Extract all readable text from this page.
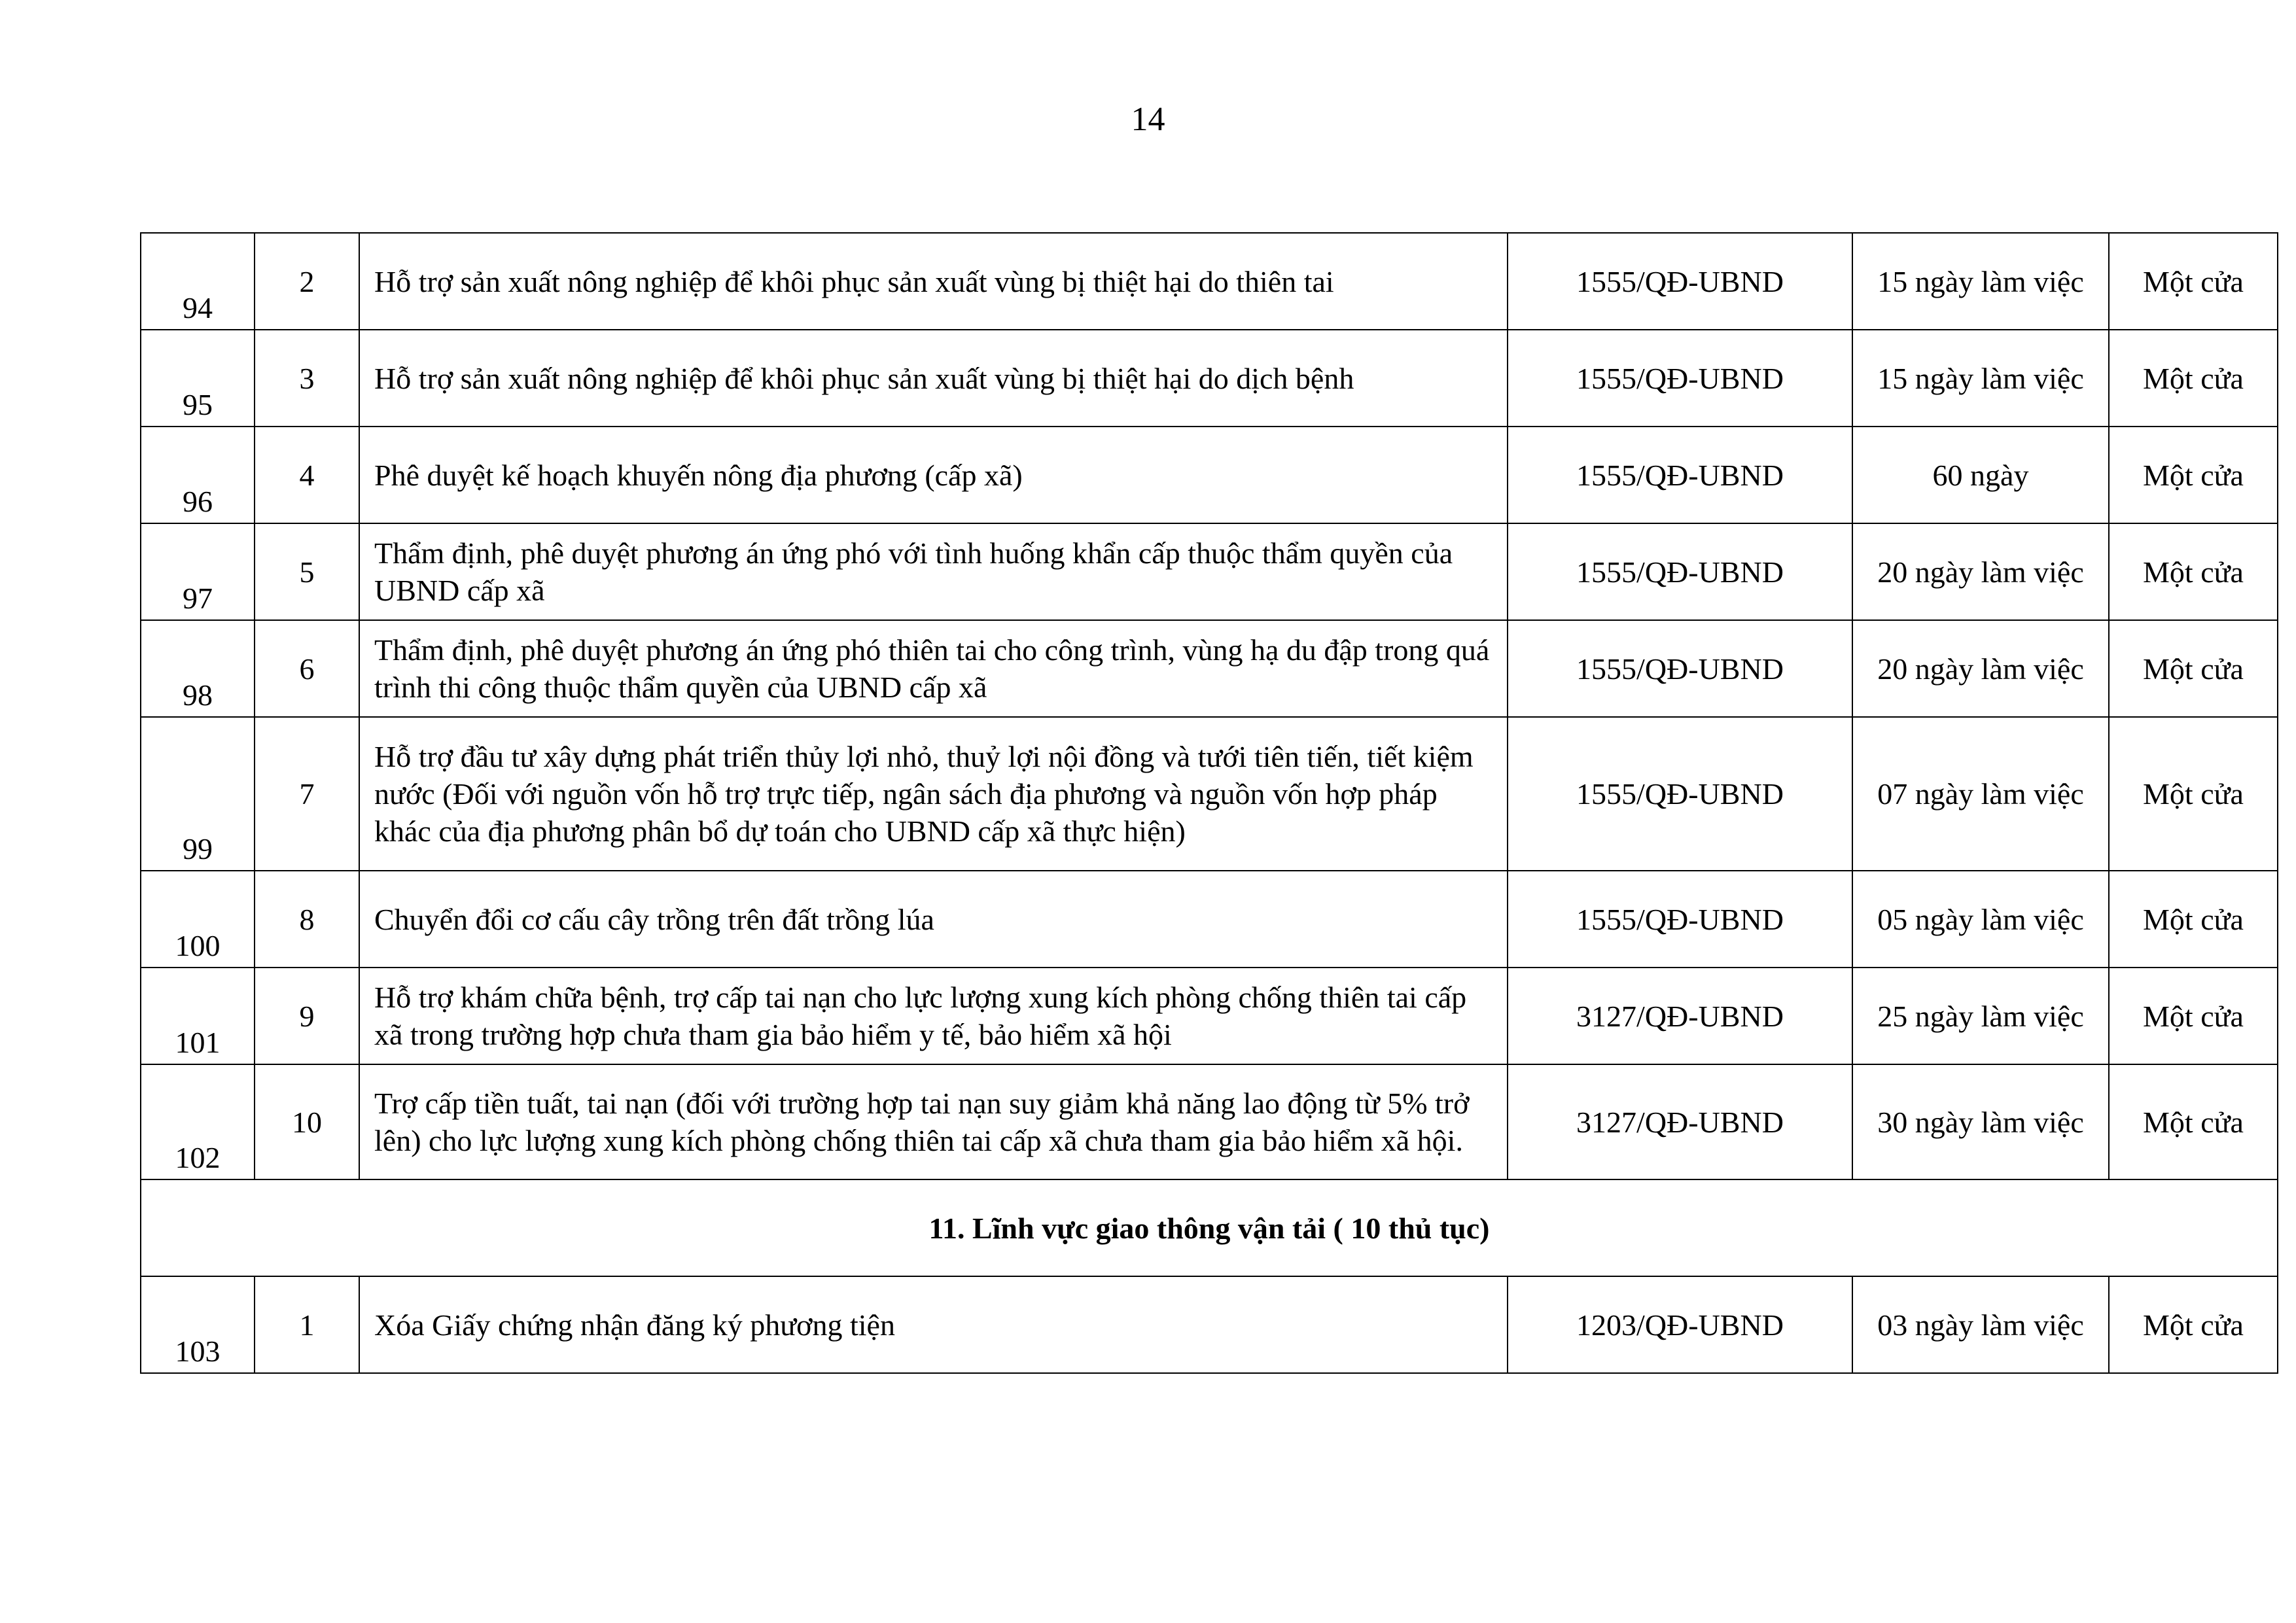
14
94	2	Hỗ trợ sản xuất nông nghiệp để khôi phục sản xuất vùng bị thiệt hại do thiên tai	1555/QĐ-UBND	15 ngày làm việc	Một cửa
95	3	Hỗ trợ sản xuất nông nghiệp để khôi phục sản xuất vùng bị thiệt hại do dịch bệnh	1555/QĐ-UBND	15 ngày làm việc	Một cửa
96	4	Phê duyệt kế hoạch khuyến nông địa phương (cấp xã)	1555/QĐ-UBND	60 ngày	Một cửa
97	5	Thẩm định, phê duyệt phương án ứng phó với tình huống khẩn cấp thuộc thẩm quyền của UBND cấp xã	1555/QĐ-UBND	20 ngày làm việc	Một cửa
98	6	Thẩm định, phê duyệt phương án ứng phó thiên tai cho công trình, vùng hạ du đập trong quá trình thi công thuộc thẩm quyền của UBND cấp xã	1555/QĐ-UBND	20 ngày làm việc	Một cửa
99	7	Hỗ trợ đầu tư xây dựng phát triển thủy lợi nhỏ, thuỷ lợi nội đồng và tưới tiên tiến, tiết kiệm nước (Đối với nguồn vốn hỗ trợ trực tiếp, ngân sách địa phương và nguồn vốn hợp pháp khác của địa phương phân bổ dự toán cho UBND cấp xã thực hiện)	1555/QĐ-UBND	07 ngày làm việc	Một cửa
100	8	Chuyển đổi cơ cấu cây trồng trên đất trồng lúa	1555/QĐ-UBND	05 ngày làm việc	Một cửa
101	9	Hỗ trợ khám chữa bệnh, trợ cấp tai nạn cho lực lượng xung kích phòng chống thiên tai cấp xã trong trường hợp chưa tham gia bảo hiểm y tế, bảo hiểm xã hội	3127/QĐ-UBND	25 ngày làm việc	Một cửa
102	10	Trợ cấp tiền tuất, tai nạn (đối với trường hợp tai nạn suy giảm khả năng lao động từ 5% trở lên) cho lực lượng xung kích phòng chống thiên tai cấp xã chưa tham gia bảo hiểm xã hội.	3127/QĐ-UBND	30 ngày làm việc	Một cửa
11. Lĩnh vực giao thông vận tải ( 10 thủ tục)					
103	1	Xóa Giấy chứng nhận đăng ký phương tiện	1203/QĐ-UBND	03 ngày làm việc	Một cửa
